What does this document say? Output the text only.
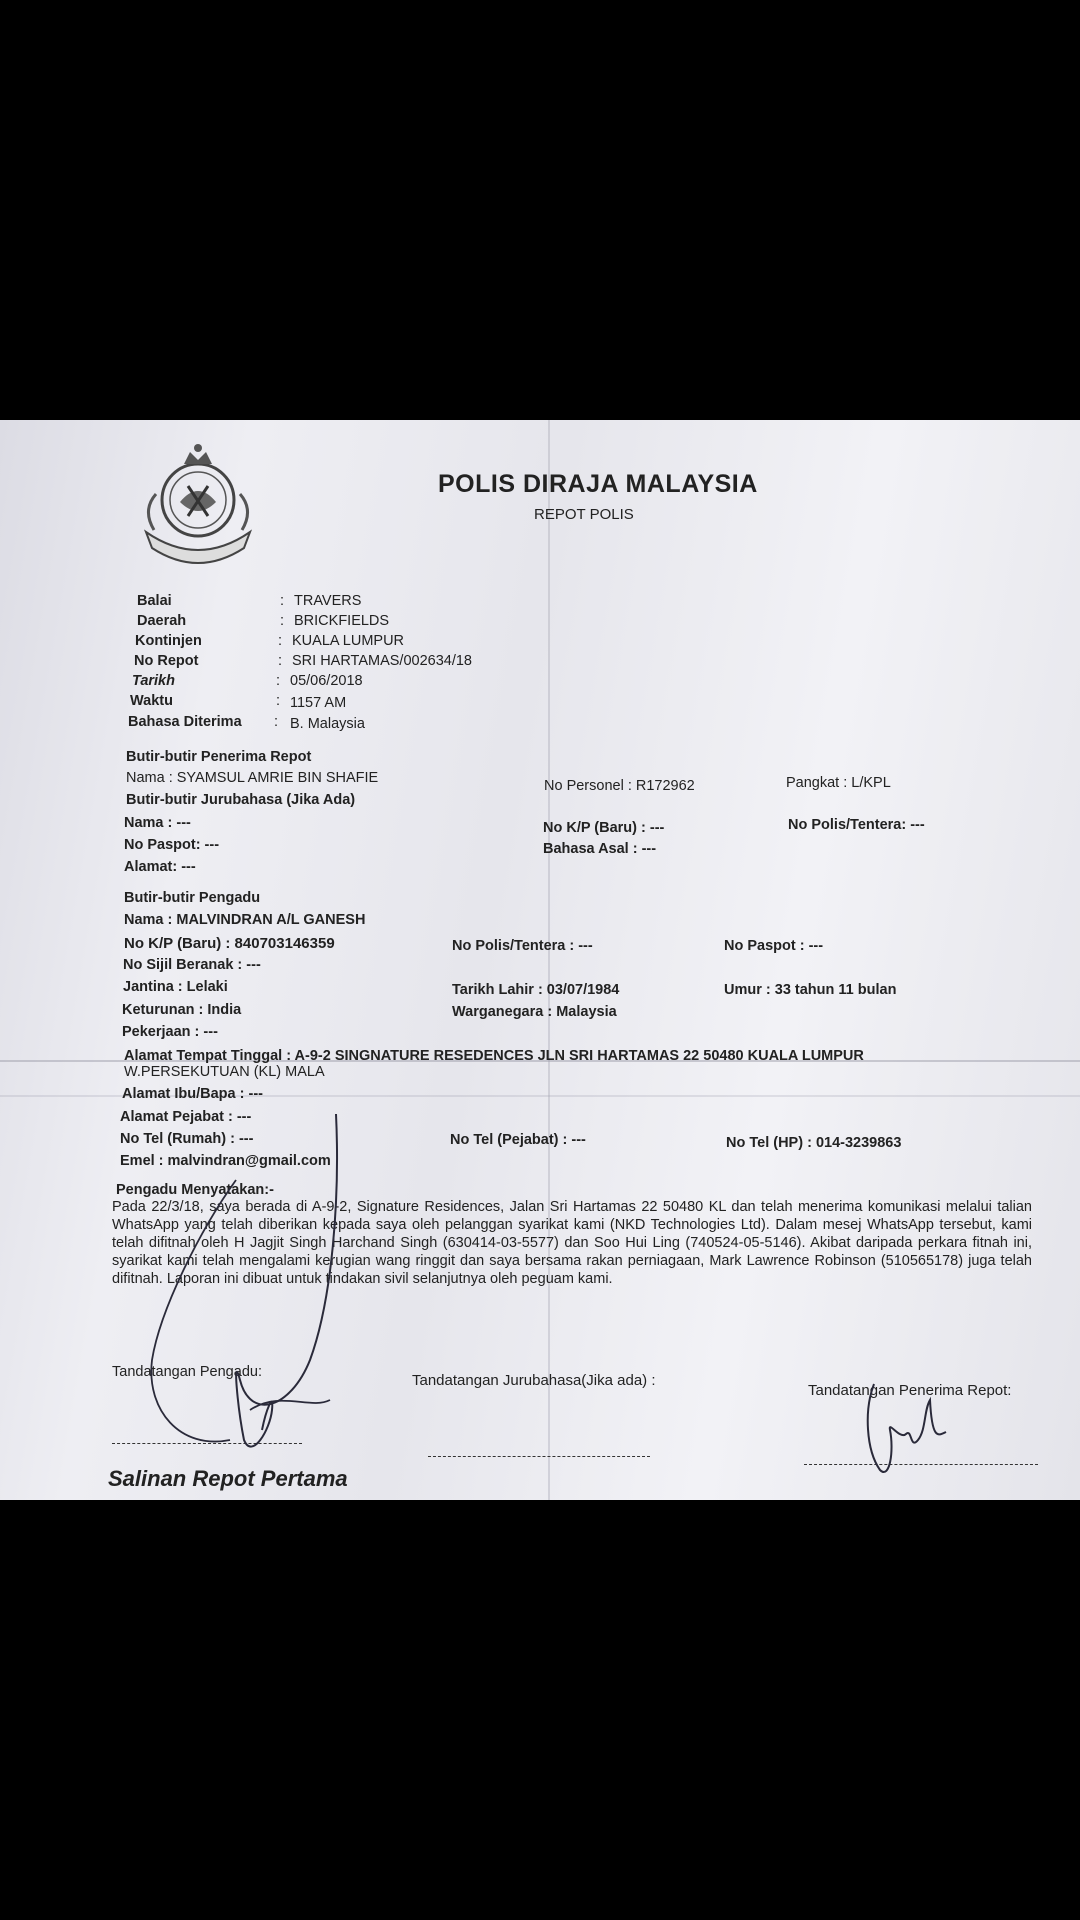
POLIS DIRAJA MALAYSIA
REPOT POLIS
Balai	: TRAVERS
Daerah	: BRICKFIELDS
Kontinjen	: KUALA LUMPUR
No Repot	: SRI HARTAMAS/002634/18
Tarikh	: 05/06/2018
Waktu	: 1157 AM
Bahasa Diterima : B. Malaysia
Butir-butir Penerima Repot
Nama : SYAMSUL AMRIE BIN SHAFIE	No Personel : R172962	Pangkat : L/KPL
Butir-butir Jurubahasa (Jika Ada)
Nama : ---	No K/P (Baru) : ---	No Polis/Tentera: ---
No Paspot: ---	Bahasa Asal : ---
Alamat: ---
Butir-butir Pengadu
Nama : MALVINDRAN A/L GANESH
No K/P (Baru) : 840703146359	No Polis/Tentera : ---	No Paspot : ---
No Sijil Beranak : ---
Jantina : Lelaki	Tarikh Lahir : 03/07/1984	Umur : 33 tahun 11 bulan
Keturunan : India	Warganegara : Malaysia
Pekerjaan : ---
Alamat Tempat Tinggal : A-9-2 SINGNATURE RESEDENCES JLN SRI HARTAMAS 22 50480 KUALA LUMPUR
W.PERSEKUTUAN (KL) MALA
Alamat Ibu/Bapa : ---
Alamat Pejabat : ---
No Tel (Rumah) : ---	No Tel (Pejabat) : ---	No Tel (HP) : 014-3239863
Emel : malvindran@gmail.com
Pengadu Menyatakan:-
Pada 22/3/18, saya berada di A-9-2, Signature Residences, Jalan Sri Hartamas 22 50480 KL dan telah menerima komunikasi melalui talian WhatsApp yang telah diberikan kepada saya oleh pelanggan syarikat kami (NKD Technologies Ltd). Dalam mesej WhatsApp tersebut, kami telah difitnah oleh H Jagjit Singh Harchand Singh (630414-03-5577) dan Soo Hui Ling (740524-05-5146). Akibat daripada perkara fitnah ini, syarikat kami telah mengalami kerugian wang ringgit dan saya bersama rakan perniagaan, Mark Lawrence Robinson (510565178) juga telah difitnah. Laporan ini dibuat untuk tindakan sivil selanjutnya oleh peguam kami.
Tandatangan Pengadu:	Tandatangan Jurubahasa(Jika ada) :
Tandatangan Penerima Repot:
Salinan Repot Pertama
